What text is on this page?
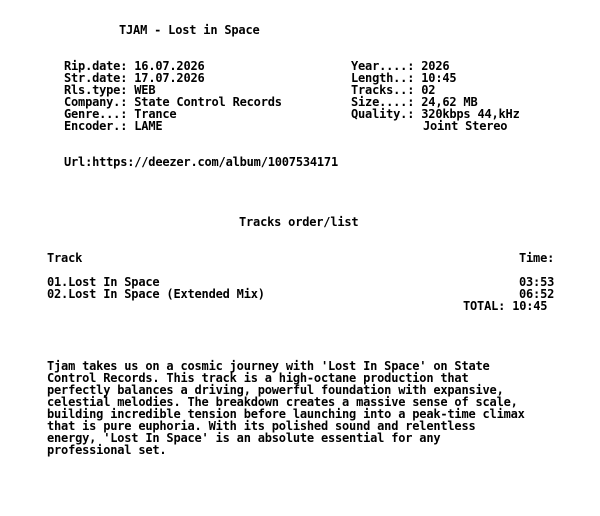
TJAM - Lost in Space
Rip.date: 16.07.2026
Str.date: 17.07.2026
Rls.type: WEB
Company.: State Control Records
Genre...: Trance
Encoder.: LAME
Year....: 2026
Length..: 10:45
Tracks..: 02
Size....: 24,62 MB
Quality.: 320kbps 44,kHz
Joint Stereo
Url:https://deezer.com/album/1007534171
Tracks order/list
Track	Time:
01.Lost In Space	03:53
02.Lost In Space (Extended Mix)	06:52
TOTAL: 10:45
Tjam takes us on a cosmic journey with 'Lost In Space' on State
Control Records. This track is a high-octane production that
perfectly balances a driving, powerful foundation with expansive,
celestial melodies. The breakdown creates a massive sense of scale,
building incredible tension before launching into a peak-time climax
that is pure euphoria. With its polished sound and relentless
energy, 'Lost In Space' is an absolute essential for any
professional set.
